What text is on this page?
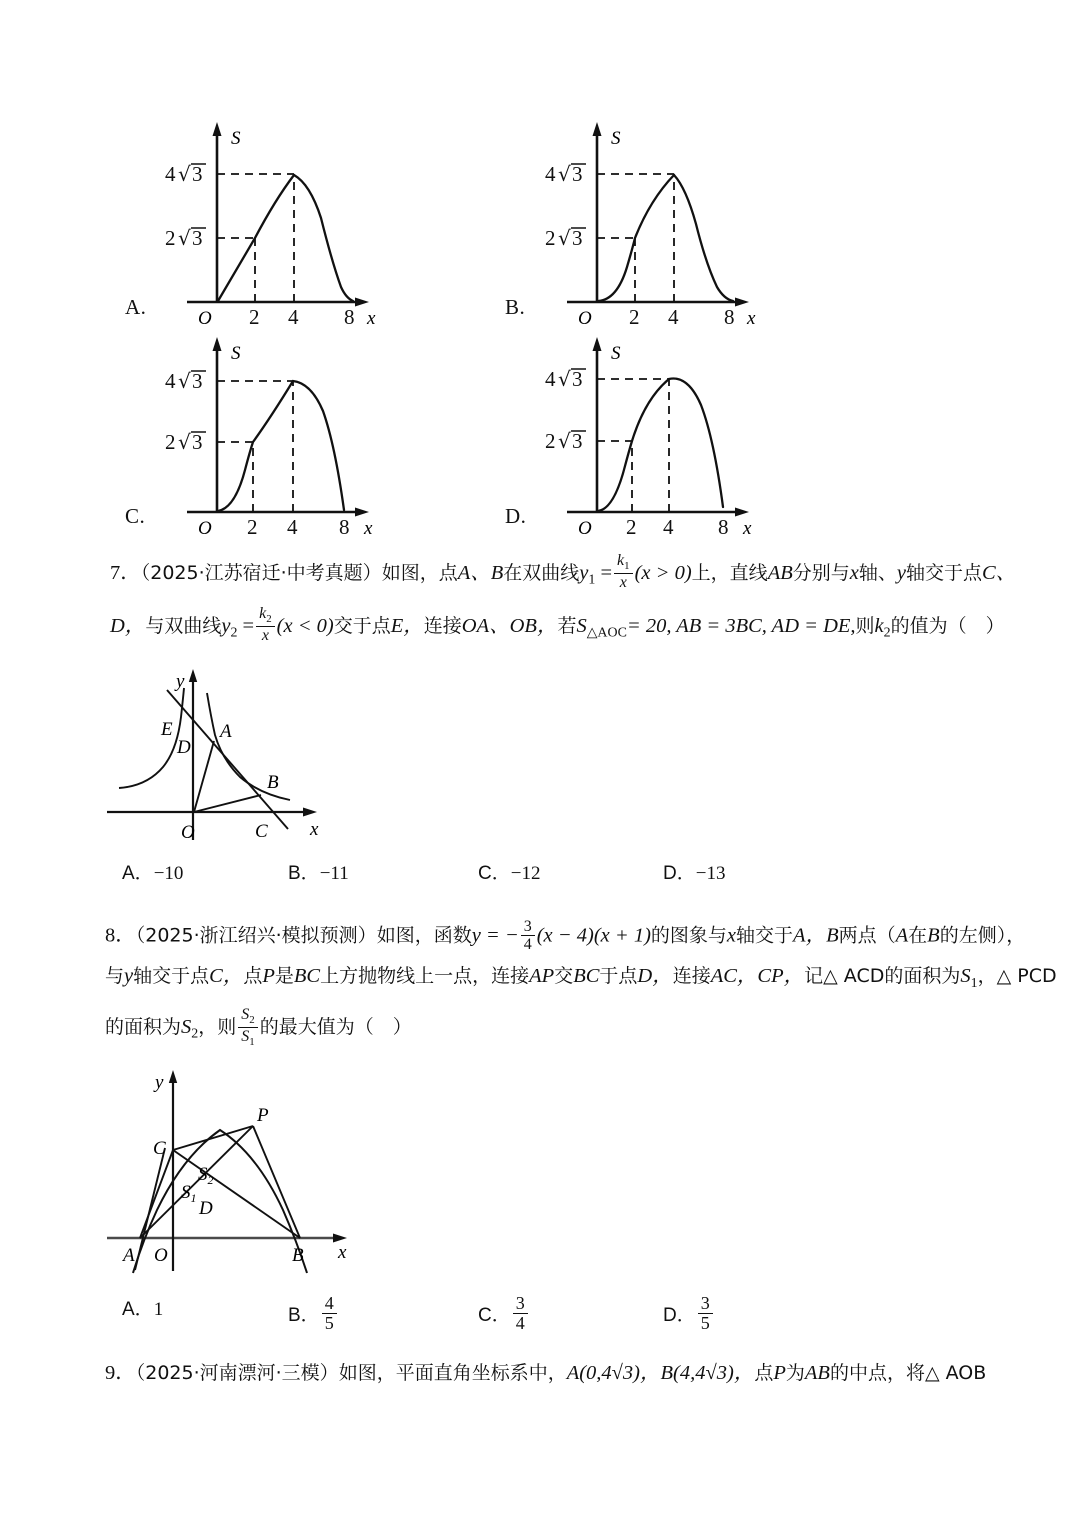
4 √ 3
2 √ 3
S
O 2 4 8 x
A.
4 √ 3
2 √ 3
S
O 2 4 8 x
B.
4 √ 3
2 √ 3
S
O 2 4 8 x
C.
4 √ 3
2 √ 3
S
O 2 4 8 x
D.
7．（2025·江苏宿迁·中考真题）如图，点A、B在双曲线$y_1 = \frac{k_1}{x} (x > 0)$上，直线AB分别与x轴、y轴交于点C、
D，与双曲线$y_2 = \frac{k_2}{x} (x < 0)$交于点E，连接OA、OB，若$S_{\triangle AOC}= 20$, AB = 3BC, AD = DE,则$k_2$的值为（　）
E
D
A
B
O	C x
y
A．−10	B．−11	C．−12	D．−13
8．（2025·浙江绍兴·模拟预测）如图，函数y = − $\frac{3}{4} (x - 4)(x + 1)$的图象与x轴交于A，B两点（A在B的左侧），
与y轴交于点C，点P是BC上方抛物线上一点，连接AP交BC于点D，连接AC，CP，记△ ACD的面积为$S_1$，△ PCD
的面积为$S_2$，则 $\frac{S_2}{S_1}$ 的最大值为（　）
C
P
$S_2$
$S_1$ D
A O	B x
y
A．1	B． $\frac{4}{5}$	C． $\frac{3}{4}$	D． $\frac{3}{5}$
9．（2025·河南漂河·三模）如图，平面直角坐标系中，A(0,4√3)，B(4,4√3)，点P为AB的中点，将△ AOB
